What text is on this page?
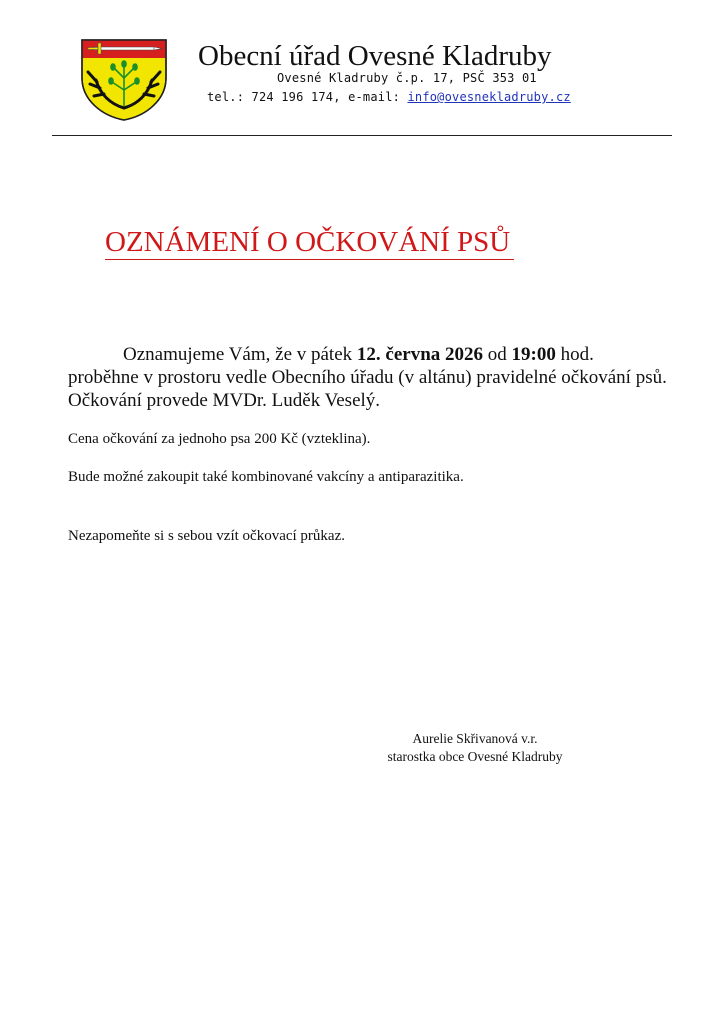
Obecní úřad Ovesné Kladruby
Ovesné Kladruby č.p. 17, PSČ 353 01
tel.: 724 196 174, e-mail: info@ovesnekladruby.cz
OZNÁMENÍ O OČKOVÁNÍ PSŮ

Oznamujeme Vám, že v pátek 12. června 2026 od 19:00 hod. proběhne v prostoru vedle Obecního úřadu (v altánu) pravidelné očkování psů. Očkování provede MVDr. Luděk Veselý.

Cena očkování za jednoho psa 200 Kč (vzteklina).
Bude možné zakoupit také kombinované vakcíny a antiparazitika.
Nezapomeňte si s sebou vzít očkovací průkaz.
Aurelie Skřivanová v.r.
starostka obce Ovesné Kladruby
